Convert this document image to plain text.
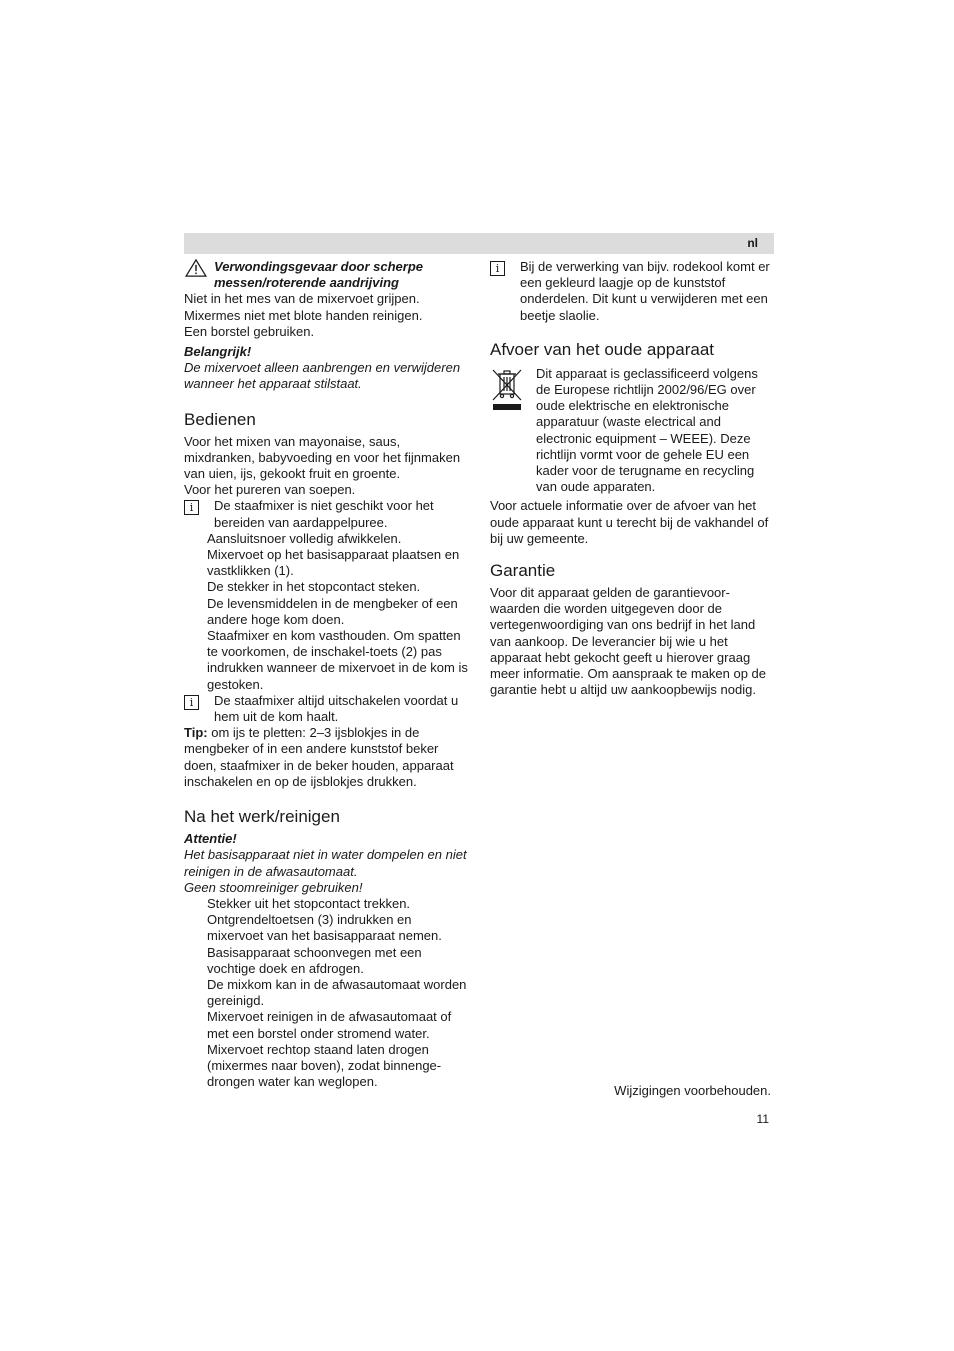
nl

Verwondingsgevaar door scherpe messen/roterende aandrijving

Niet in het mes van de mixervoet grijpen.

Mixermes niet met blote handen reinigen.

Een borstel gebruiken.

Belangrijk!

De mixervoet alleen aanbrengen en verwijderen wanneer het apparaat stilstaat.

Bedienen

Voor het mixen van mayonaise, saus, mixdranken, babyvoeding en voor het fijnmaken van uien, ijs, gekookt fruit en groente.

Voor het pureren van soepen.

i	De staafmixer is niet geschikt voor het bereiden van aardappelpuree.

Aansluitsnoer volledig afwikkelen.

Mixervoet op het basisapparaat plaatsen en vastklikken (1).

De stekker in het stopcontact steken.

De levensmiddelen in de mengbeker of een andere hoge kom doen.

Staafmixer en kom vasthouden. Om spatten te voorkomen, de inschakel-toets (2) pas indrukken wanneer de mixervoet in de kom is gestoken.

i	De staafmixer altijd uitschakelen voordat u hem uit de kom haalt.

Tip: om ijs te pletten: 2–3 ijsblokjes in de mengbeker of in een andere kunststof beker doen, staafmixer in de beker houden, apparaat inschakelen en op de ijsblokjes drukken.

Na het werk/reinigen

Attentie!

Het basisapparaat niet in water dompelen en niet reinigen in de afwasautomaat.

Geen stoomreiniger gebruiken!

Stekker uit het stopcontact trekken.

Ontgrendeltoetsen (3) indrukken en mixervoet van het basisapparaat nemen.

Basisapparaat schoonvegen met een vochtige doek en afdrogen.

De mixkom kan in de afwasautomaat worden gereinigd.

Mixervoet reinigen in de afwasautomaat of met een borstel onder stromend water.

Mixervoet rechtop staand laten drogen (mixermes naar boven), zodat binnenge-drongen water kan weglopen.

i	Bij de verwerking van bijv. rodekool komt er een gekleurd laagje op de kunststof onderdelen. Dit kunt u verwijderen met een beetje slaolie.

Afvoer van het oude apparaat

Dit apparaat is geclassificeerd volgens de Europese richtlijn 2002/96/EG over oude elektrische en elektronische apparatuur (waste electrical and electronic equipment – WEEE). Deze richtlijn vormt voor de gehele EU een kader voor de terugname en recycling van oude apparaten.

Voor actuele informatie over de afvoer van het oude apparaat kunt u terecht bij de vakhandel of bij uw gemeente.

Garantie

Voor dit apparaat gelden de garantievoor-waarden die worden uitgegeven door de vertegenwoordiging van ons bedrijf in het land van aankoop. De leverancier bij wie u het apparaat hebt gekocht geeft u hierover graag meer informatie. Om aanspraak te maken op de garantie hebt u altijd uw aankoopbewijs nodig.

Wijzigingen voorbehouden.
11
